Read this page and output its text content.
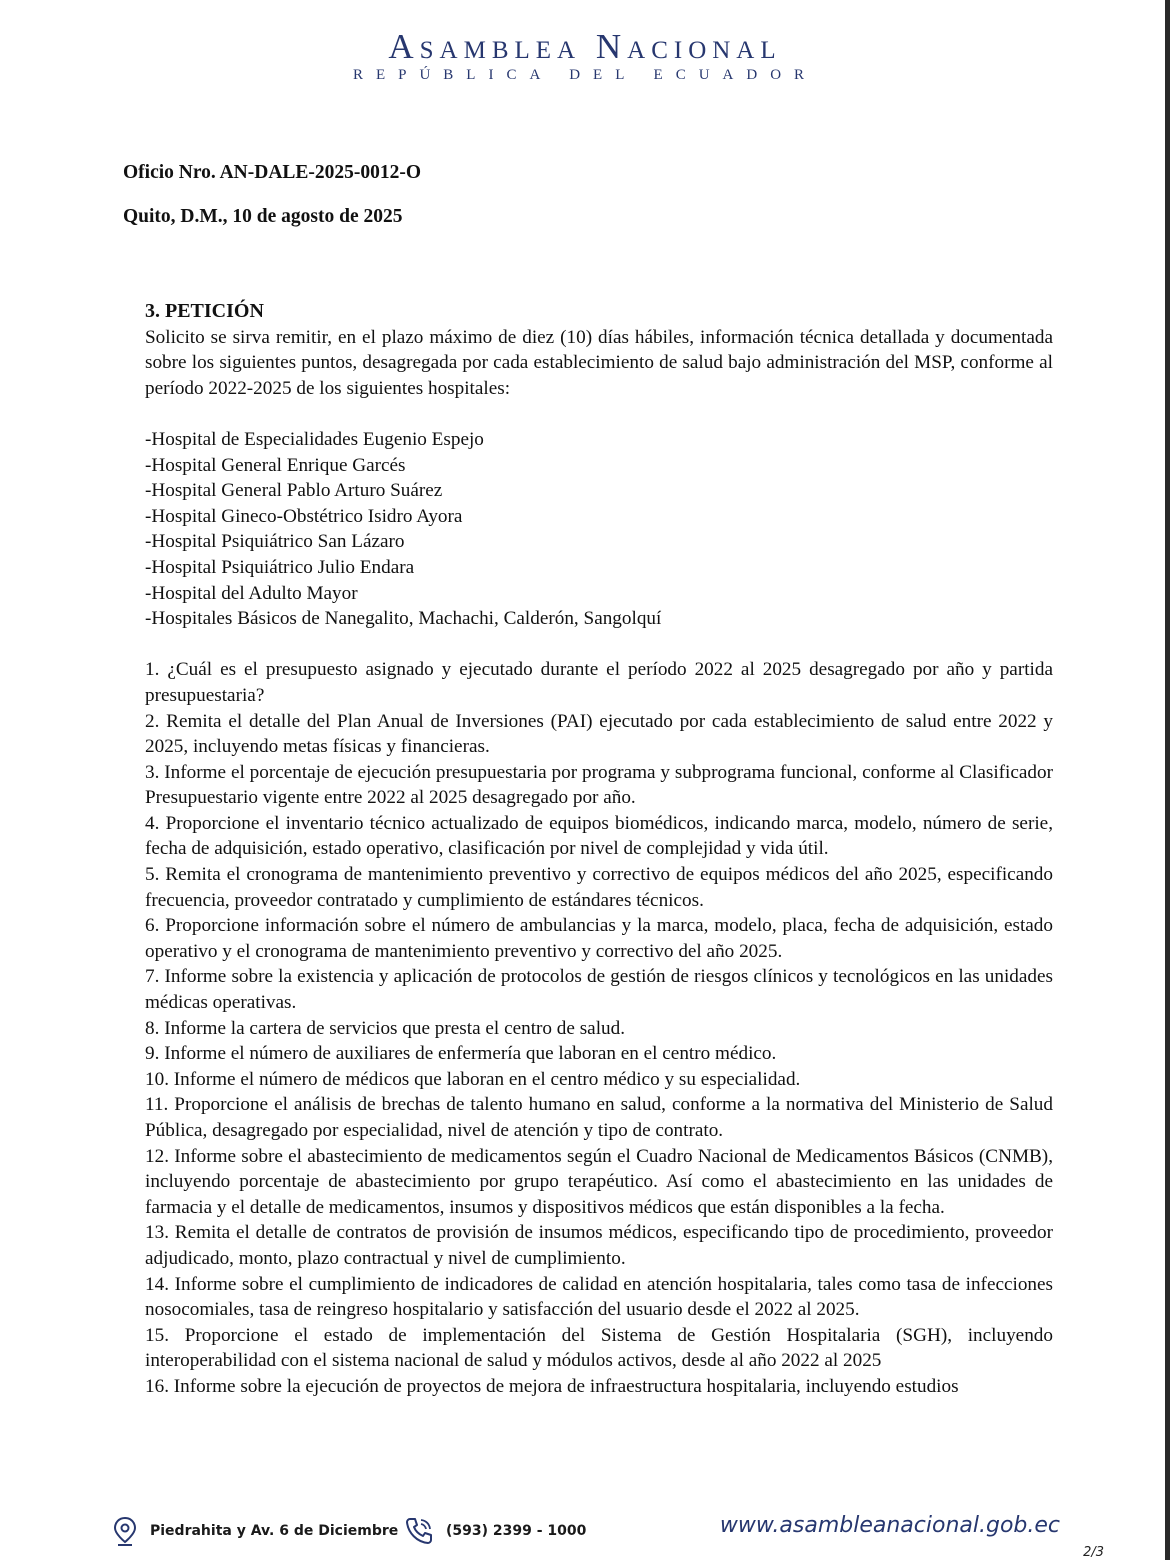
Asamblea Nacional
REPÚBLICA DEL ECUADOR
Oficio Nro. AN-DALE-2025-0012-O
Quito, D.M., 10 de agosto de 2025
3. PETICIÓN

Solicito se sirva remitir, en el plazo máximo de diez (10) días hábiles, información técnica detallada y documentada sobre los siguientes puntos, desagregada por cada establecimiento de salud bajo administración del MSP, conforme al período 2022-2025 de los siguientes hospitales:

-Hospital de Especialidades Eugenio Espejo
-Hospital General Enrique Garcés
-Hospital General Pablo Arturo Suárez
-Hospital Gineco-Obstétrico Isidro Ayora
-Hospital Psiquiátrico San Lázaro
-Hospital Psiquiátrico Julio Endara
-Hospital del Adulto Mayor
-Hospitales Básicos de Nanegalito, Machachi, Calderón, Sangolquí
1. ¿Cuál es el presupuesto asignado y ejecutado durante el período 2022 al 2025 desagregado por año y partida presupuestaria?
2. Remita el detalle del Plan Anual de Inversiones (PAI) ejecutado por cada establecimiento de salud entre 2022 y 2025, incluyendo metas físicas y financieras.
3. Informe el porcentaje de ejecución presupuestaria por programa y subprograma funcional, conforme al Clasificador Presupuestario vigente entre 2022 al 2025 desagregado por año.
4. Proporcione el inventario técnico actualizado de equipos biomédicos, indicando marca, modelo, número de serie, fecha de adquisición, estado operativo, clasificación por nivel de complejidad y vida útil.
5. Remita el cronograma de mantenimiento preventivo y correctivo de equipos médicos del año 2025, especificando frecuencia, proveedor contratado y cumplimiento de estándares técnicos.
6. Proporcione información sobre el número de ambulancias y la marca, modelo, placa, fecha de adquisición, estado operativo y el cronograma de mantenimiento preventivo y correctivo del año 2025.
7. Informe sobre la existencia y aplicación de protocolos de gestión de riesgos clínicos y tecnológicos en las unidades médicas operativas.
8. Informe la cartera de servicios que presta el centro de salud.
9. Informe el número de auxiliares de enfermería que laboran en el centro médico.
10. Informe el número de médicos que laboran en el centro médico y su especialidad.
11. Proporcione el análisis de brechas de talento humano en salud, conforme a la normativa del Ministerio de Salud Pública, desagregado por especialidad, nivel de atención y tipo de contrato.
12. Informe sobre el abastecimiento de medicamentos según el Cuadro Nacional de Medicamentos Básicos (CNMB), incluyendo porcentaje de abastecimiento por grupo terapéutico. Así como el abastecimiento en las unidades de farmacia y el detalle de medicamentos, insumos y dispositivos médicos que están disponibles a la fecha.
13. Remita el detalle de contratos de provisión de insumos médicos, especificando tipo de procedimiento, proveedor adjudicado, monto, plazo contractual y nivel de cumplimiento.
14. Informe sobre el cumplimiento de indicadores de calidad en atención hospitalaria, tales como tasa de infecciones nosocomiales, tasa de reingreso hospitalario y satisfacción del usuario desde el 2022 al 2025.
15. Proporcione el estado de implementación del Sistema de Gestión Hospitalaria (SGH), incluyendo interoperabilidad con el sistema nacional de salud y módulos activos, desde al año 2022 al 2025
16. Informe sobre la ejecución de proyectos de mejora de infraestructura hospitalaria, incluyendo estudios
Piedrahita y Av. 6 de Diciembre	(593) 2399 - 1000	www.asambleanacional.gob.ec
2/3
